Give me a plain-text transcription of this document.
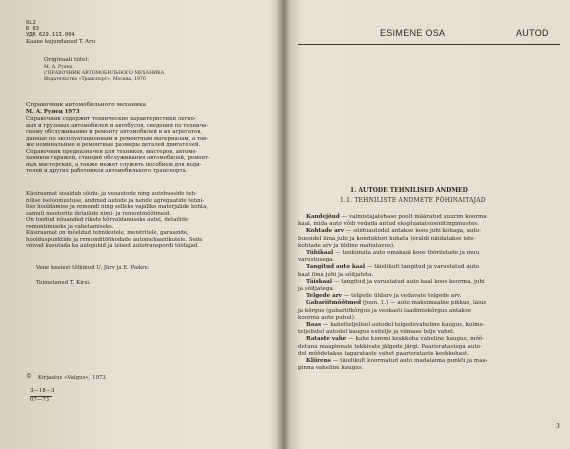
6L2
R 83
УДК 629.113.004
Kaane kujundanud T. Aru
Originaali tiitel:
М. А. Руяец
СПРАВОЧНИК АВТОМОБИЛЬНОГО МЕХАНИКА
Издательство «Транспорт», Москва, 1976
Справочник автомобильного механика
М. А. Руяец 1973
Справочник содержит технические характеристики легко-
вых и грузовых автомобилей и автобусов, сведения по техниче-
скому обслуживанию и ремонту автомобилей и их агрегатов,
данные по эксплуатационным и ремонтным материалам, а так-
же номинальные и ремонтные размеры деталей двигателей.
Справочник предназначен для техников, мастеров, автоме-
хаников гаражей, станций обслуживания автомобилей, ремонт-
ных мастерских, а также может служить пособием для води-
телей и других работников автомобильного транспорта.
Käsiraamat sisaldab sõidu- ja veoautode ning autobusside teh-
nilise iseloomustuse, andmed autode ja nende agregaatide tehni-
lise hooldamise ja remondi ning selleks vajalike materjalide kohta,
samuti mootorite detailide nimi- ja remontmõõtmeid.
On toodud nõuanded rikete kõrvaldamiseks autel, detailide
remontimiseks ja vahetamiseks.
Käsiraamat on mõeldud tehnikutele, meistritele, garaazide,
hoolduspunktide ja remonditöökodade automehaanikutele. Seda
võivad kasutada ka autojuhid ja teised autotranspordi töötajad.
Vene keelest tõlkinud U. Järv ja E. Paikre.
Toimetanud T. Kirsi.
© Kirjastus «Valgus», 1973
3—18—3
07—73
ESIMENE OSA	AUTOD
1. AUTODE TEHNILISED ANDMED
1.1. TEHNILISTE ANDMETE PÕHINAITAJAD
Kandejõud — valmistajatehase poolt määratud suurim koorma
kaal, mida auto võib vedada antud ekspluatatsioonitingimustes.
Kohtade arv — sõiduautodel antakse koos juhi kohaga, auto-
bussidel ilma juhi ja konduktori kohata (eraldi näidatakse iste-
kohtade arv ja üldine mahutavus).
Tühikaal — tankimata auto omakaal koos tööriistade ja muu
varustusega.
Tangitud auto kaal — täielikult tangitud ja varustatud auto
kaal ilma juhi ja sõitjateta.
Täiskaal — tangitud ja varustatud auto kaal koos koorma, juhi
ja sõitjatega.
Telgede arv — telgede üldarv ja vedavate telgede arv.
Gabariitmõõtmed (joon. 1.) — auto maksimaalne pikkus, laius
ja kõrgus (gabariitkõrgus ja veokasti laadimiskõrgus antakse
koorma auto puhul).
Baas — kahetteljelisel autodel telgedevaheline kaugus, kolme-
teljelistel autodel kaugus esitelje ja viimase telje vahel.
Rataste vahe — kahe kummi keskkoha vaheline kaugus, mõõ-
detuna maapinnale tekkivate jälgede järgi. Paarisratastega auto-
del mõõdetakse tagarataste vahet paarisrataste keskkohast.
Kliirens — täielikult koormatud auto madalaima punkti ja maa-
pinna vaheline kaugus.
3
